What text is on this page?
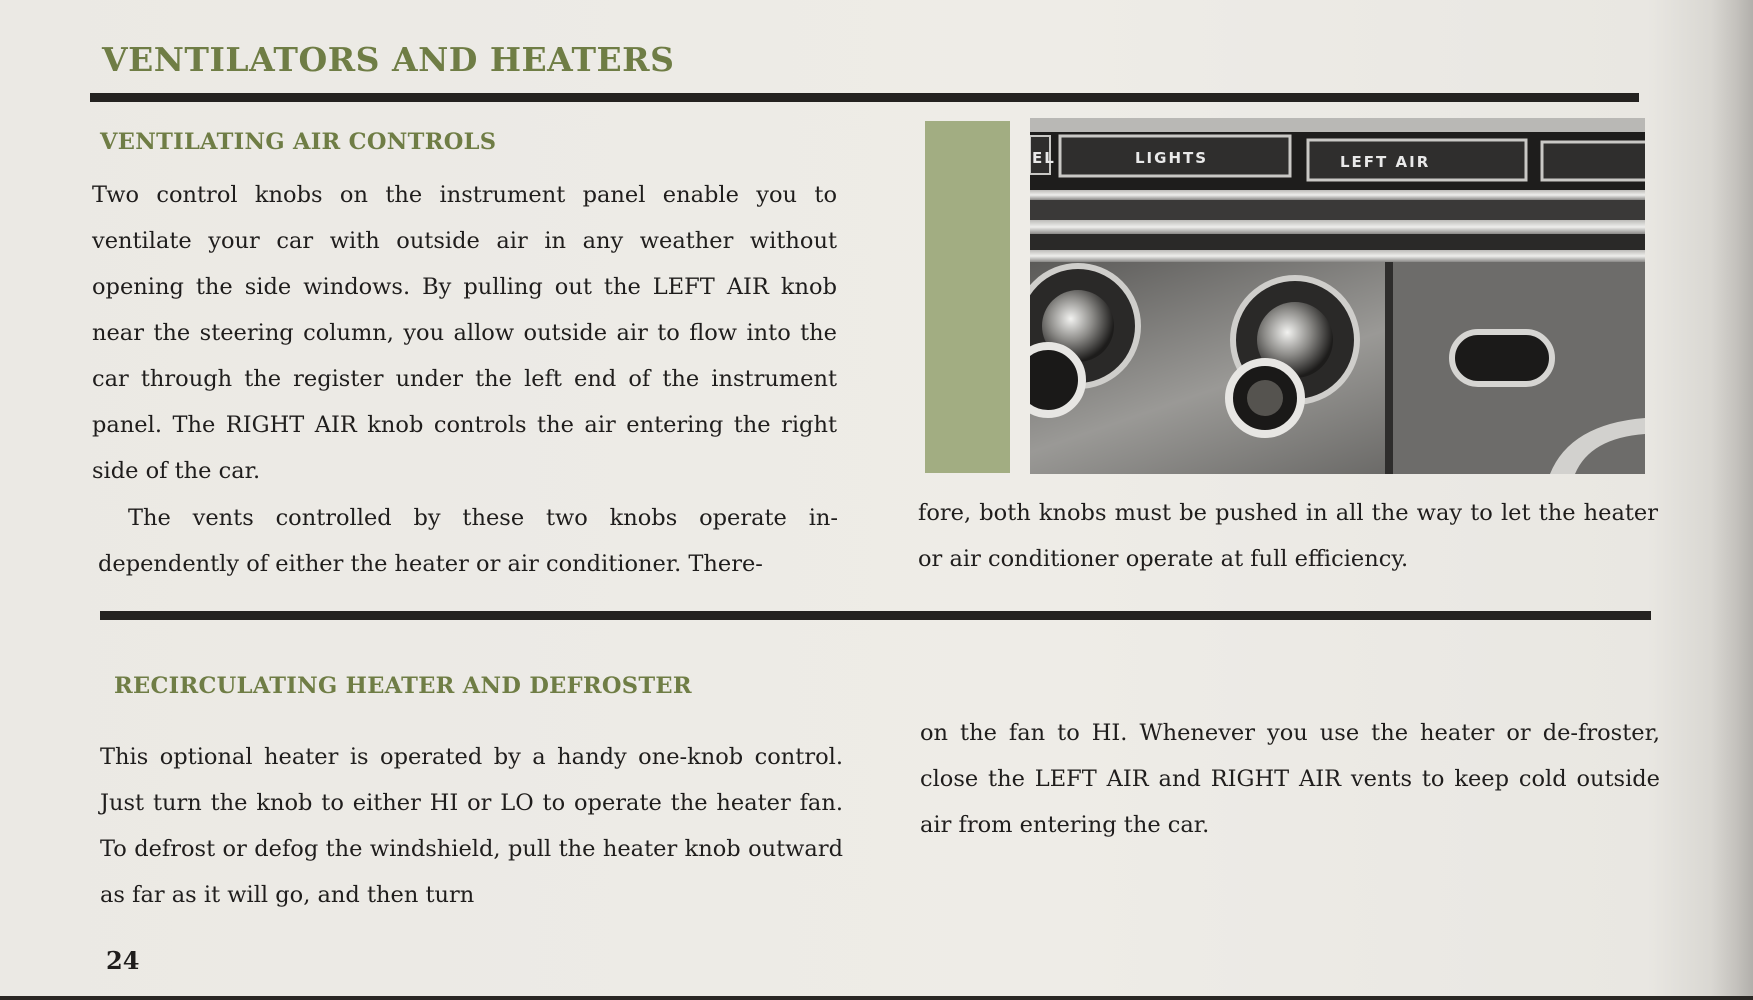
VENTILATORS AND HEATERS
VENTILATING AIR CONTROLS

Two control knobs on the instrument panel enable you to ventilate your car with outside air in any weather without opening the side windows. By pulling out the LEFT AIR knob near the steering column, you allow outside air to flow into the car through the register under the left end of the instrument panel. The RIGHT AIR knob controls the air entering the right side of the car.

The vents controlled by these two knobs operate in-dependently of either the heater or air conditioner. There-

EL	LIGHTS	LEFT AIR

fore, both knobs must be pushed in all the way to let the heater or air conditioner operate at full efficiency.

RECIRCULATING HEATER AND DEFROSTER

This optional heater is operated by a handy one-knob control. Just turn the knob to either HI or LO to operate the heater fan. To defrost or defog the windshield, pull the heater knob outward as far as it will go, and then turn

on the fan to HI. Whenever you use the heater or de-froster, close the LEFT AIR and RIGHT AIR vents to keep cold outside air from entering the car.

24
